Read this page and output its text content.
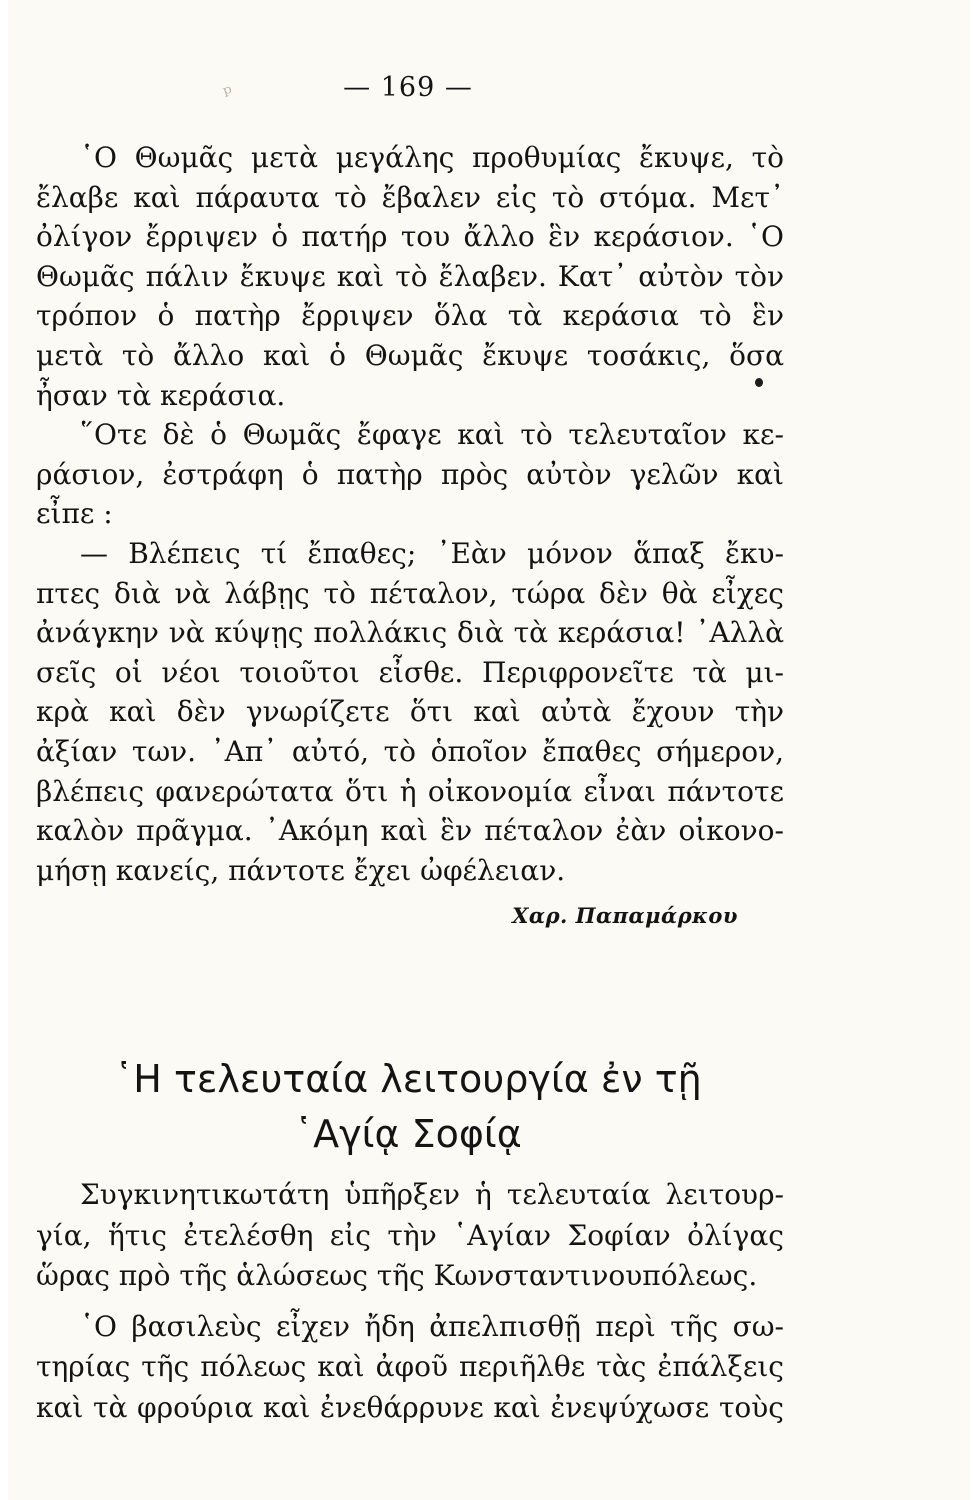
ᵖ	— 169 —
῾Ο Θωμᾶς μετὰ μεγάλης προθυμίας ἔκυψε, τὸ
ἔλαβε καὶ πάραυτα τὸ ἔβαλεν εἰς τὸ στόμα. Μετ᾿
ὀλίγον ἔρριψεν ὁ πατήρ του ἄλλο ἓν κεράσιον. ῾Ο
Θωμᾶς πάλιν ἔκυψε καὶ τὸ ἔλαβεν. Κατ᾿ αὐτὸν τὸν
τρόπον ὁ πατὴρ ἔρριψεν ὅλα τὰ κεράσια τὸ ἓν
μετὰ τὸ ἄλλο καὶ ὁ Θωμᾶς ἔκυψε τοσάκις, ὅσα
ἦσαν τὰ κεράσια.
῞Οτε δὲ ὁ Θωμᾶς ἔφαγε καὶ τὸ τελευταῖον κε-
ράσιον, ἐστράφη ὁ πατὴρ πρὸς αὐτὸν γελῶν καὶ
εἶπε :
— Βλέπεις τί ἔπαθες; ᾿Εὰν μόνον ἅπαξ ἔκυ-
πτες διὰ νὰ λάβῃς τὸ πέταλον, τώρα δὲν θὰ εἶχες
ἀνάγκην νὰ κύψῃς πολλάκις διὰ τὰ κεράσια! ᾿Αλλὰ
σεῖς οἱ νέοι τοιοῦτοι εἶσθε. Περιφρονεῖτε τὰ μι-
κρὰ καὶ δὲν γνωρίζετε ὅτι καὶ αὐτὰ ἔχουν τὴν
ἀξίαν των. ᾿Απ᾿ αὐτό, τὸ ὁποῖον ἔπαθες σήμερον,
βλέπεις φανερώτατα ὅτι ἡ οἰκονομία εἶναι πάντοτε
καλὸν πρᾶγμα. ᾿Ακόμη καὶ ἓν πέταλον ἐὰν οἰκονο-
μήσῃ κανείς, πάντοτε ἔχει ὠφέλειαν.
Χαρ. Παπαμάρκου
῾Η τελευταία λειτουργία ἐν τῇ
῾Αγίᾳ Σοφίᾳ
Συγκινητικωτάτη ὑπῆρξεν ἡ τελευταία λειτουρ-
γία, ἥτις ἐτελέσθη εἰς τὴν ῾Αγίαν Σοφίαν ὀλίγας
ὥρας πρὸ τῆς ἁλώσεως τῆς Κωνσταντινουπόλεως.
῾Ο βασιλεὺς εἶχεν ἤδη ἀπελπισθῇ περὶ τῆς σω-
τηρίας τῆς πόλεως καὶ ἀφοῦ περιῆλθε τὰς ἐπάλξεις
καὶ τὰ φρούρια καὶ ἐνεθάρρυνε καὶ ἐνεψύχωσε τοὺς
